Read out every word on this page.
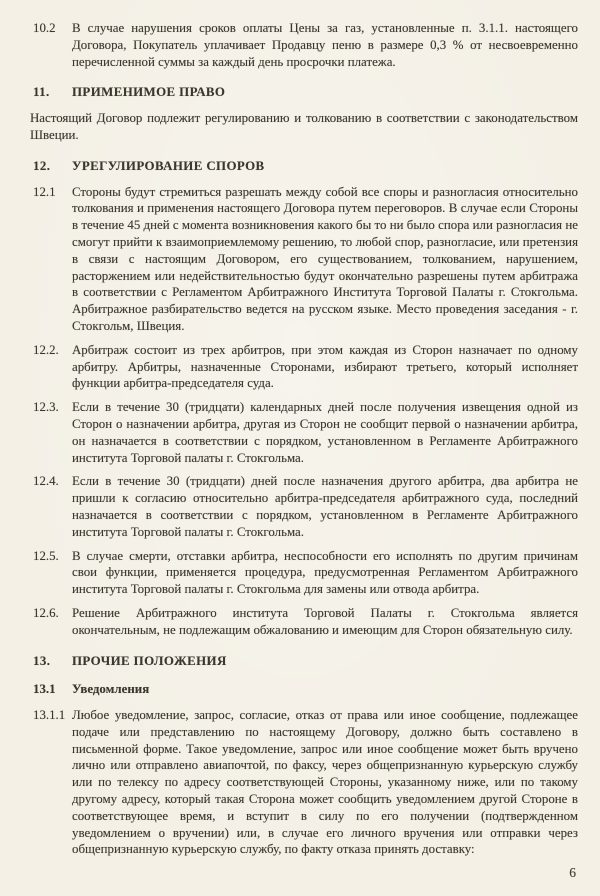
10.2	В случае нарушения сроков оплаты Цены за газ, установленные п. 3.1.1. настоящего Договора, Покупатель уплачивает Продавцу пеню в размере 0,3 % от несвоевременно перечисленной суммы за каждый день просрочки платежа.
11.	ПРИМЕНИМОЕ ПРАВО
Настоящий Договор подлежит регулированию и толкованию в соответствии с законодательством Швеции.
12.	УРЕГУЛИРОВАНИЕ СПОРОВ
12.1	Стороны будут стремиться разрешать между собой все споры и разногласия относительно толкования и применения настоящего Договора путем переговоров. В случае если Стороны в течение 45 дней с момента возникновения какого бы то ни было спора или разногласия не смогут прийти к взаимоприемлемому решению, то любой спор, разногласие, или претензия в связи с настоящим Договором, его существованием, толкованием, нарушением, расторжением или недействительностью будут окончательно разрешены путем арбитража в соответствии с Регламентом Арбитражного Института Торговой Палаты г. Стокгольма. Арбитражное разбирательство ведется на русском языке. Место проведения заседания - г. Стокгольм, Швеция.
12.2.	Арбитраж состоит из трех арбитров, при этом каждая из Сторон назначает по одному арбитру. Арбитры, назначенные Сторонами, избирают третьего, который исполняет функции арбитра-председателя суда.
12.3.	Если в течение 30 (тридцати) календарных дней после получения извещения одной из Сторон о назначении арбитра, другая из Сторон не сообщит первой о назначении арбитра, он назначается в соответствии с порядком, установленном в Регламенте Арбитражного института Торговой палаты г. Стокгольма.
12.4.	Если в течение 30 (тридцати) дней после назначения другого арбитра, два арбитра не пришли к согласию относительно арбитра-председателя арбитражного суда, последний назначается в соответствии с порядком, установленном в Регламенте Арбитражного института Торговой палаты г. Стокгольма.
12.5.	В случае смерти, отставки арбитра, неспособности его исполнять по другим причинам свои функции, применяется процедура, предусмотренная Регламентом Арбитражного института Торговой палаты г. Стокгольма для замены или отвода арбитра.
12.6.	Решение Арбитражного института Торговой Палаты г. Стокгольма является окончательным, не подлежащим обжалованию и имеющим для Сторон обязательную силу.
13.	ПРОЧИЕ ПОЛОЖЕНИЯ
13.1	Уведомления
13.1.1 Любое уведомление, запрос, согласие, отказ от права или иное сообщение, подлежащее подаче или представлению по настоящему Договору, должно быть составлено в письменной форме. Такое уведомление, запрос или иное сообщение может быть вручено лично или отправлено авиапочтой, по факсу, через общепризнанную курьерскую службу или по телексу по адресу соответствующей Стороны, указанному ниже, или по такому другому адресу, который такая Сторона может сообщить уведомлением другой Стороне в соответствующее время, и вступит в силу по его получении (подтвержденном уведомлением о вручении) или, в случае его личного вручения или отправки через общепризнанную курьерскую службу, по факту отказа принять доставку:
6
